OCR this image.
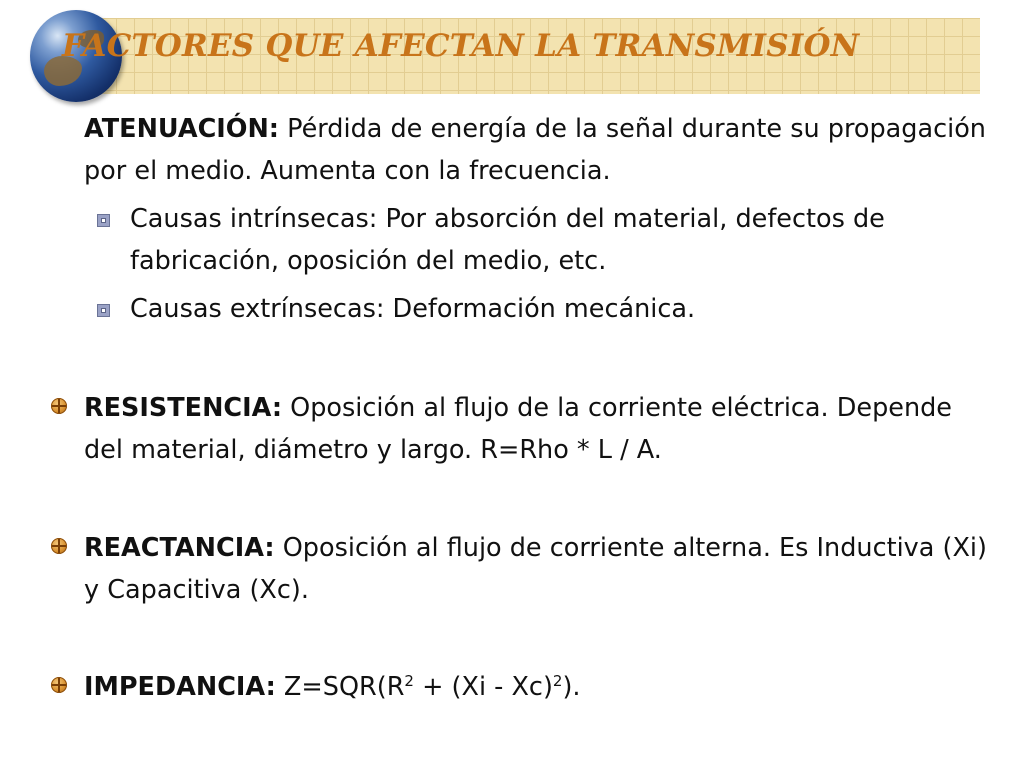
FACTORES QUE AFECTAN LA TRANSMISIÓN

ATENUACIÓN: Pérdida de energía de la señal durante su propagación por el medio. Aumenta con la frecuencia.

Causas intrínsecas: Por absorción del material, defectos de fabricación, oposición del medio, etc.

Causas extrínsecas: Deformación mecánica.

RESISTENCIA: Oposición al flujo de la corriente eléctrica. Depende del material, diámetro y largo. R=Rho * L / A.

REACTANCIA: Oposición al flujo de corriente alterna. Es Inductiva (Xi) y Capacitiva (Xc).

IMPEDANCIA: $Z=SQR(R^2 + (Xi - Xc)^2)$.
